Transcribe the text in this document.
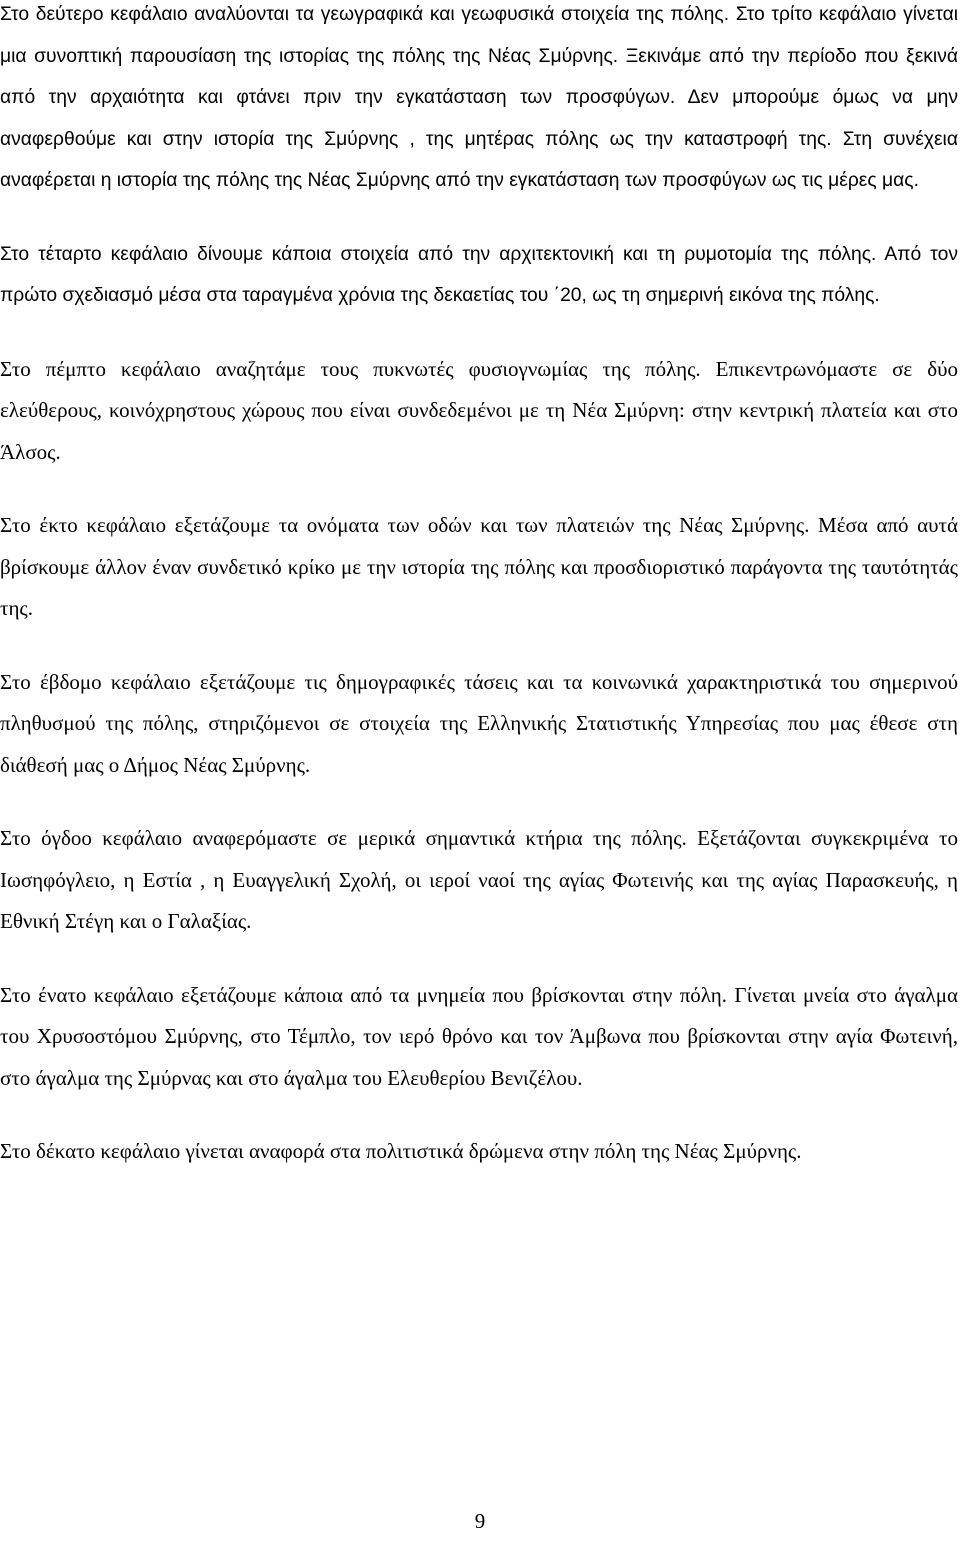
Στο δεύτερο κεφάλαιο αναλύονται τα γεωγραφικά και γεωφυσικά στοιχεία της πόλης. Στο τρίτο κεφάλαιο γίνεται μια συνοπτική παρουσίαση της ιστορίας της πόλης της Νέας Σμύρνης. Ξεκινάμε από την περίοδο που ξεκινά από την αρχαιότητα και φτάνει πριν την εγκατάσταση των προσφύγων. Δεν μπορούμε όμως να μην αναφερθούμε και στην ιστορία της Σμύρνης , της μητέρας πόλης ως την καταστροφή της. Στη συνέχεια αναφέρεται η ιστορία της πόλης της Νέας Σμύρνης από την εγκατάσταση των προσφύγων ως τις μέρες μας.

Στο τέταρτο κεφάλαιο δίνουμε κάποια στοιχεία από την αρχιτεκτονική και τη ρυμοτομία της πόλης. Από τον πρώτο σχεδιασμό μέσα στα ταραγμένα χρόνια της δεκαετίας του ΄20, ως τη σημερινή εικόνα της πόλης.

Στο πέμπτο κεφάλαιο αναζητάμε τους πυκνωτές φυσιογνωμίας της πόλης. Επικεντρωνόμαστε σε δύο ελεύθερους, κοινόχρηστους χώρους που είναι συνδεδεμένοι με τη Νέα Σμύρνη: στην κεντρική πλατεία και στο Άλσος.

Στο έκτο κεφάλαιο εξετάζουμε τα ονόματα των οδών και των πλατειών της Νέας Σμύρνης. Μέσα από αυτά βρίσκουμε άλλον έναν συνδετικό κρίκο με την ιστορία της πόλης και προσδιοριστικό παράγοντα της ταυτότητάς της.

Στο έβδομο κεφάλαιο εξετάζουμε τις δημογραφικές τάσεις και τα κοινωνικά χαρακτηριστικά του σημερινού πληθυσμού της πόλης, στηριζόμενοι σε στοιχεία της Ελληνικής Στατιστικής Υπηρεσίας που μας έθεσε στη διάθεσή μας ο Δήμος Νέας Σμύρνης.

Στο όγδοο κεφάλαιο αναφερόμαστε σε μερικά σημαντικά κτήρια της πόλης. Εξετάζονται συγκεκριμένα το Ιωσηφόγλειο, η Εστία , η Ευαγγελική Σχολή, οι ιεροί ναοί της αγίας Φωτεινής και της αγίας Παρασκευής, η Εθνική Στέγη και ο Γαλαξίας.

Στο ένατο κεφάλαιο εξετάζουμε κάποια από τα μνημεία που βρίσκονται στην πόλη. Γίνεται μνεία στο άγαλμα του Χρυσοστόμου Σμύρνης, στο Τέμπλο, τον ιερό θρόνο και τον Άμβωνα που βρίσκονται στην αγία Φωτεινή, στο άγαλμα της Σμύρνας και στο άγαλμα του Ελευθερίου Βενιζέλου.

Στο δέκατο κεφάλαιο γίνεται αναφορά στα πολιτιστικά δρώμενα στην πόλη της Νέας Σμύρνης.

9
